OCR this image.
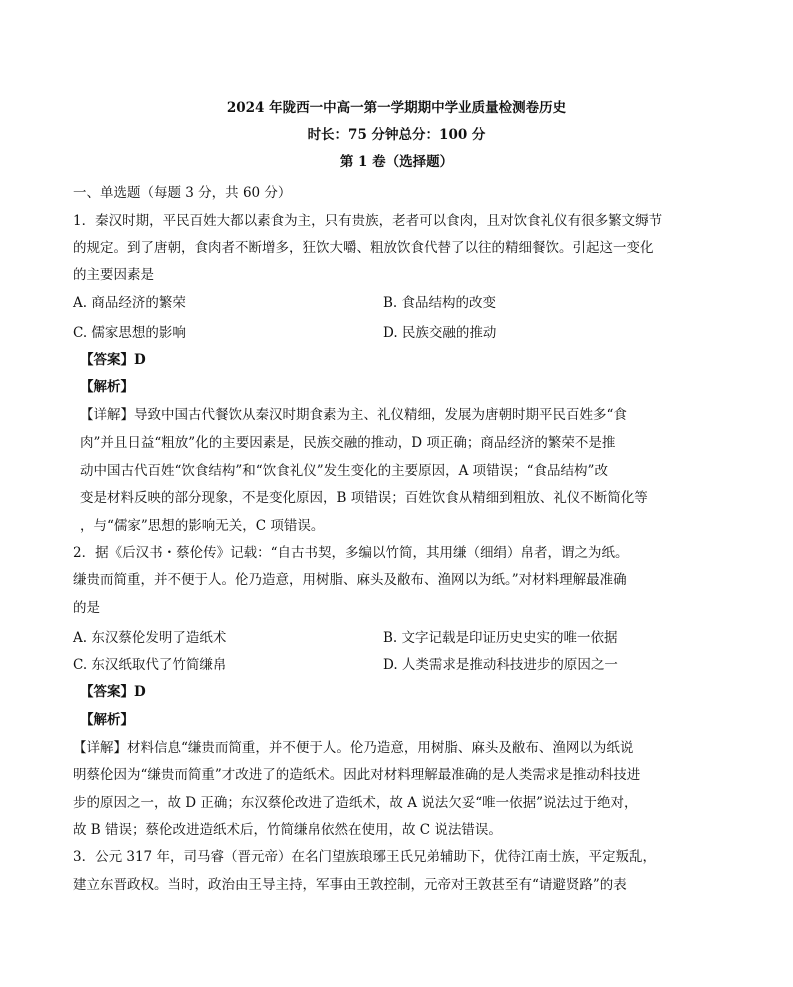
2024 年陇西一中高一第一学期期中学业质量检测卷历史
时长：75 分钟总分：100 分
第 1 卷（选择题）
一、单选题（每题 3 分，共 60 分）
1．秦汉时期，平民百姓大都以素食为主，只有贵族，老者可以食肉，且对饮食礼仪有很多繁文缛节
的规定。到了唐朝，食肉者不断增多，狂饮大嚼、粗放饮食代替了以往的精细餐饮。引起这一变化
的主要因素是
A. 商品经济的繁荣	B. 食品结构的改变
C. 儒家思想的影响	D. 民族交融的推动
【答案】D
【解析】
【详解】导致中国古代餐饮从秦汉时期食素为主、礼仪精细，发展为唐朝时期平民百姓多“食
肉”并且日益“粗放”化的主要因素是，民族交融的推动，D 项正确；商品经济的繁荣不是推
动中国古代百姓“饮食结构”和“饮食礼仪”发生变化的主要原因，A 项错误；“食品结构”改
变是材料反映的部分现象，不是变化原因，B 项错误；百姓饮食从精细到粗放、礼仪不断简化等
，与“儒家”思想的影响无关，C 项错误。
2．据《后汉书・蔡伦传》记载：“自古书契，多编以竹简，其用缣（细绢）帛者，谓之为纸。
缣贵而简重，并不便于人。伦乃造意，用树脂、麻头及敝布、渔网以为纸。”对材料理解最准确
的是
A. 东汉蔡伦发明了造纸术	B. 文字记载是印证历史史实的唯一依据
C. 东汉纸取代了竹简缣帛	D. 人类需求是推动科技进步的原因之一
【答案】D
【解析】
【详解】材料信息“缣贵而简重，并不便于人。伦乃造意，用树脂、麻头及敝布、渔网以为纸说
明蔡伦因为“缣贵而简重”才改进了的造纸术。因此对材料理解最准确的是人类需求是推动科技进
步的原因之一，故 D 正确；东汉蔡伦改进了造纸术，故 A 说法欠妥“唯一依据”说法过于绝对，
故 B 错误；蔡伦改进造纸术后，竹简缣帛依然在使用，故 C 说法错误。
3．公元 317 年，司马睿（晋元帝）在名门望族琅琊王氏兄弟辅助下，优待江南士族，平定叛乱，
建立东晋政权。当时，政治由王导主持，军事由王敦控制，元帝对王敦甚至有“请避贤路”的表
